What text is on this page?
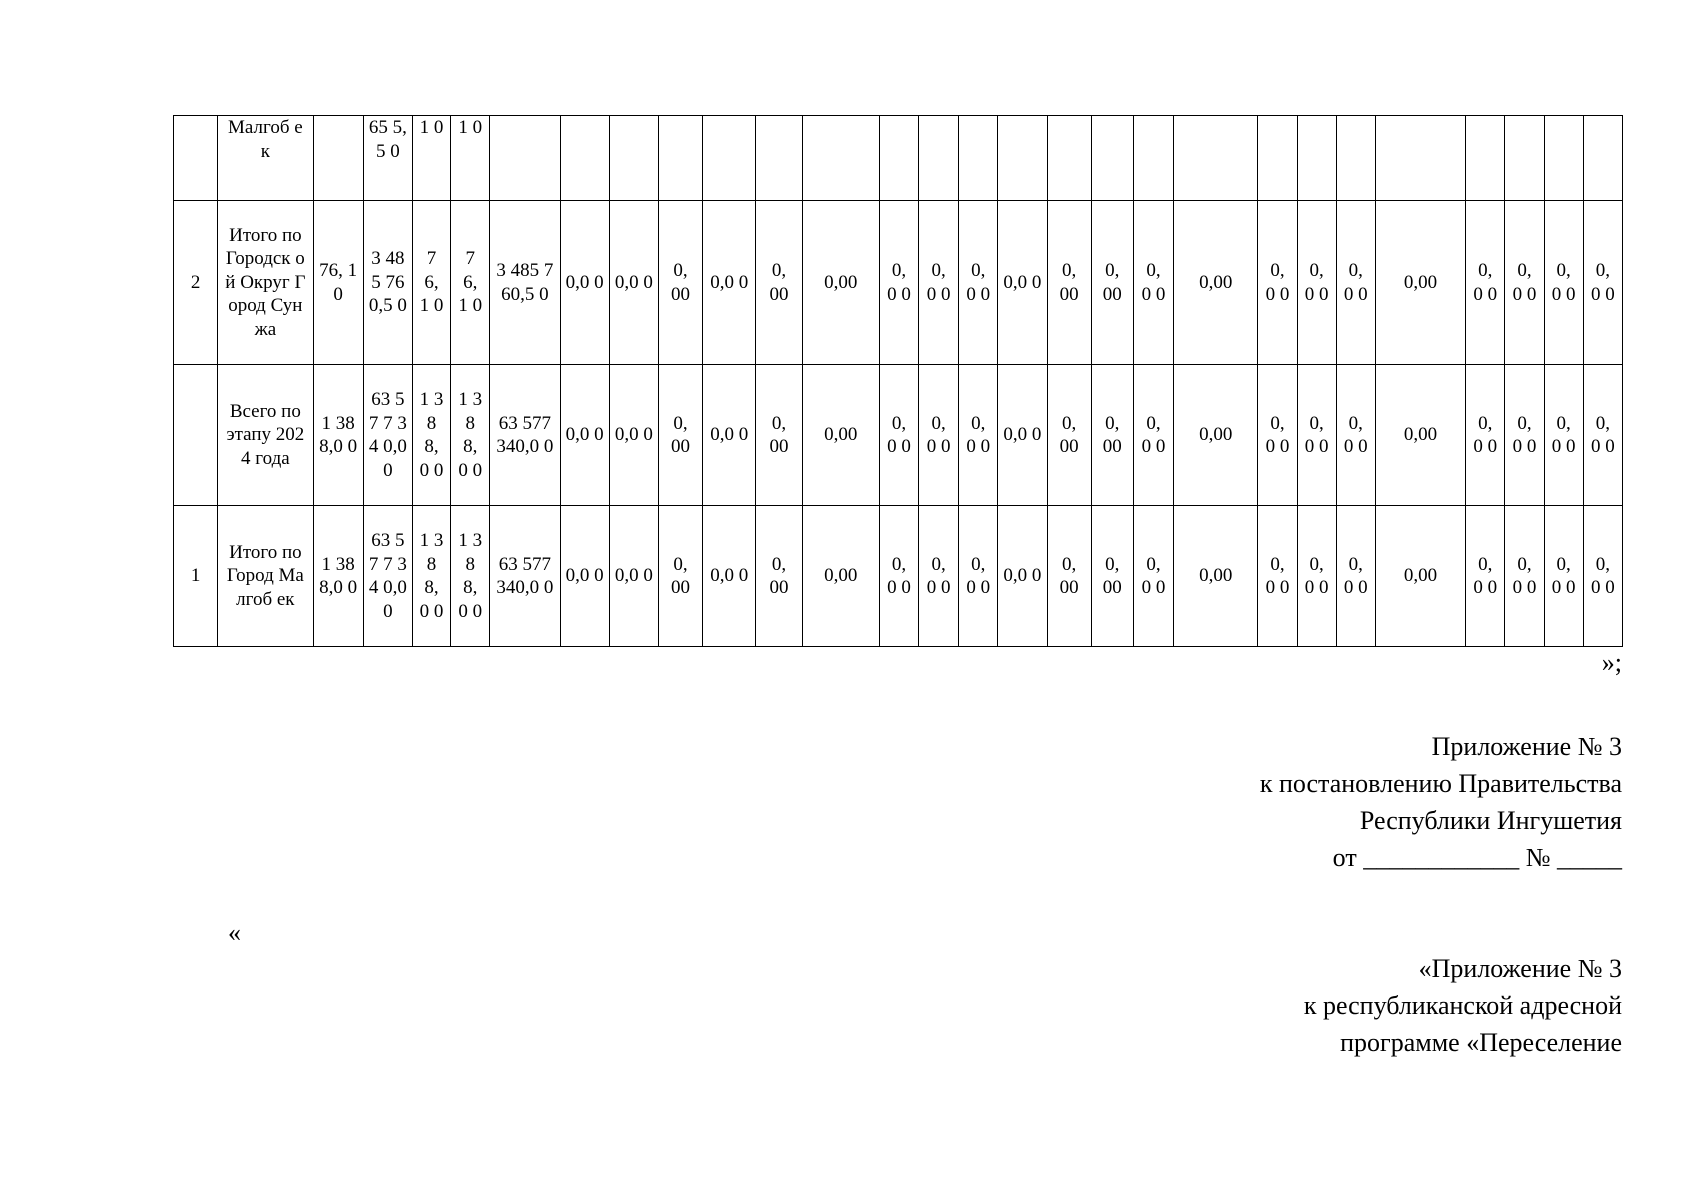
	Малгоб ек		65 5,5 0	1 0	1 0																							

2	Итого по Городск ой Округ Город Сунжа	76, 10	3 48 5 76 0,5 0	7 6, 1 0	7 6, 1 0	3 485 760,5 0	0,0 0	0,0 0	0, 00	0,0 0	0, 00	0,00	0, 0 0	0, 0 0	0, 0 0	0,0 0	0, 00	0, 00	0, 0 0	0,00	0, 0 0	0, 0 0	0, 0 0	0,00	0, 0 0	0, 0 0	0, 0 0	0, 0 0

	Всего по этапу 2024 года	1 38 8,0 0	63 57 7 34 0,0 0	1 3 8 8, 0 0	1 3 8 8, 0 0	63 577 340,0 0	0,0 0	0,0 0	0, 00	0,0 0	0, 00	0,00	0, 0 0	0, 0 0	0, 0 0	0,0 0	0, 00	0, 00	0, 0 0	0,00	0, 0 0	0, 0 0	0, 0 0	0,00	0, 0 0	0, 0 0	0, 0 0	0, 0 0

1	Итого по Город Малгоб ек	1 38 8,0 0	63 57 7 34 0,0 0	1 3 8 8, 0 0	1 3 8 8, 0 0	63 577 340,0 0	0,0 0	0,0 0	0, 00	0,0 0	0, 00	0,00	0, 0 0	0, 0 0	0, 0 0	0,0 0	0, 00	0, 00	0, 0 0	0,00	0, 0 0	0, 0 0	0, 0 0	0,00	0, 0 0	0, 0 0	0, 0 0	0, 0 0
»;
Приложение № 3
к постановлению Правительства
Республики Ингушетия
от ____________ № _____
«
«Приложение № 3
к республиканской адресной
программе «Переселение
